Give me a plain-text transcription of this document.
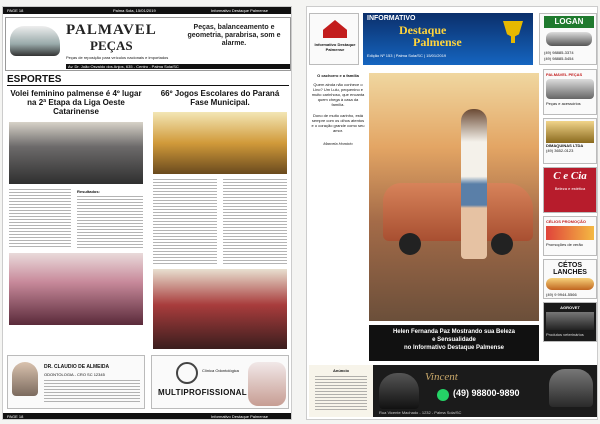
PAGE 18	Palma Sola, 15/01/2019	Informativo Destaque Palmense
PALMAVEL
PEÇAS
Peças de reposição para veículos nacionais e importados
Peças, balanceamento e geometria, parabrisa, som e alarme.
Av. Dr. João Osvaldo dos Anjos, 635 - Centro - Palma Sola/SC
ESPORTES
Volei feminino palmense é 4º lugar na 2ª Etapa da Liga Oeste Catarinense
Resultados:
66º Jogos Escolares do Paraná Fase Municipal.
DR. CLAUDIO DE ALMEIDA
ODONTOLOGIA - CRO SC 12345
Clínica Odontológica
MULTIPROFISSIONAL
PAGE 18	Informativo Destaque Palmense
Informativo Destaque Palmense
INFORMATIVO
Destaque
Palmense
Edição Nº 153 | Palma Sola/SC | 15/01/2019
LOGAN
(49) 98885-3374
(49) 98885-5454
O cachorro e a família
Quem ainda não conhece o Lino? Um Lulu, pequenino e muito carinhoso, que encanta quem chega à casa da família.
Dono de muito carinho, está sempre com os olhos atentos e o coração grande como seu amor.
Marcela Honório
Helen Fernanda Paz Mostrando sua Beleza
e Sensualidade
no Informativo Destaque Palmense
PALMAVEL PEÇAS
Peças e acessórios
DIMAQUINAS LTDA
(49) 3652-0123
C e Cia
Beleza e estética
CÉLIOS PROMOÇÃO
Promoções de verão
CÉTOS LANCHES
(49) 9 9944-5566
AGROVET
Produtos veterinários
Anúncio
Vincent
(49) 98800-9890
Rua Vicente Machado - 1232 - Palma Sola/SC
